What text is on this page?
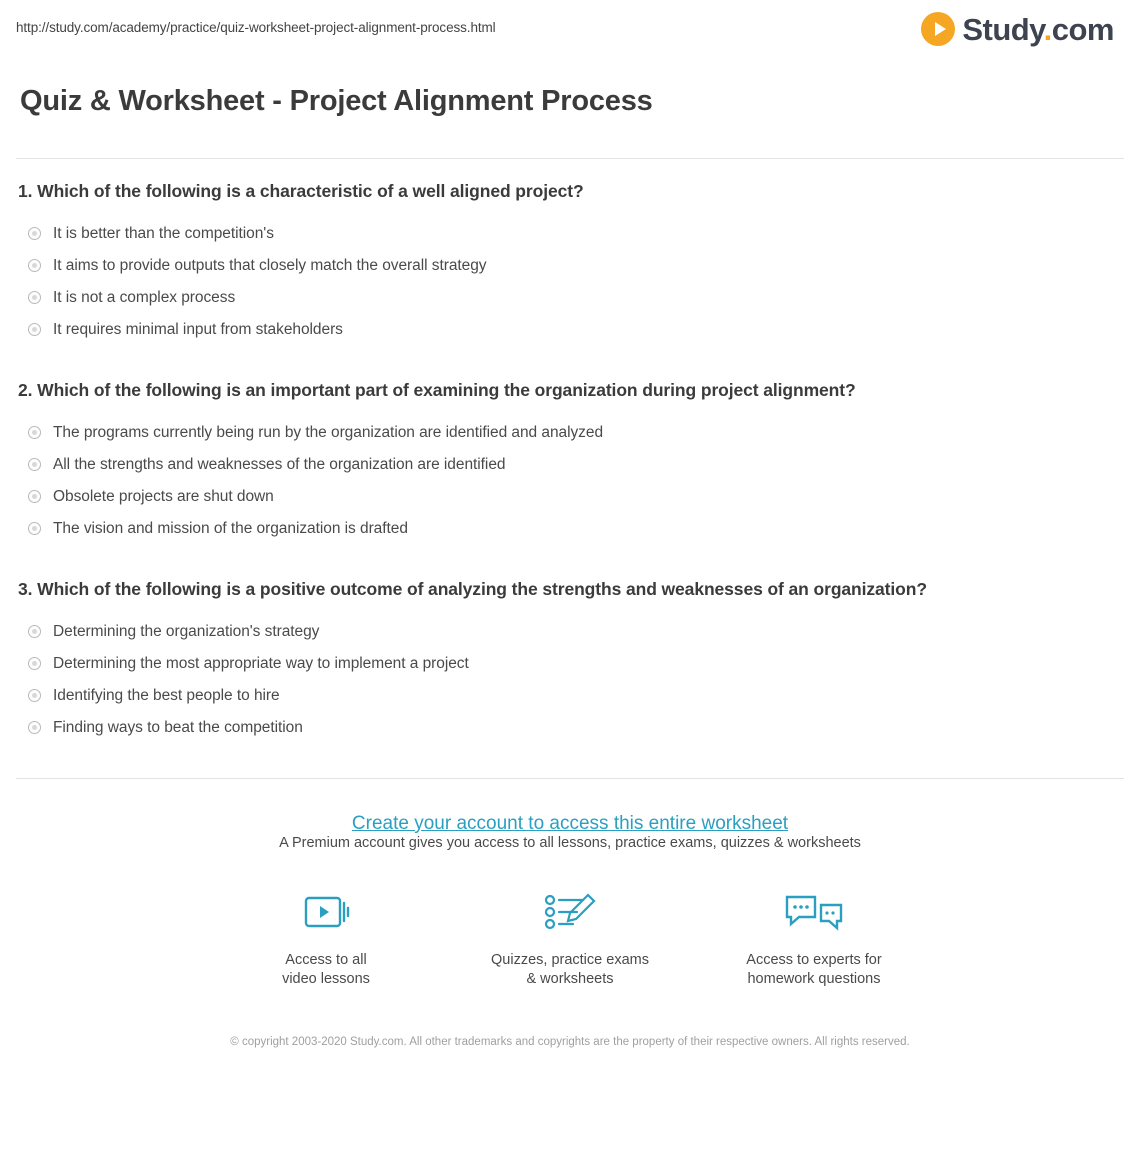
http://study.com/academy/practice/quiz-worksheet-project-alignment-process.html	Study.com
Quiz & Worksheet - Project Alignment Process

1. Which of the following is a characteristic of a well aligned project?

It is better than the competition's
It aims to provide outputs that closely match the overall strategy
It is not a complex process
It requires minimal input from stakeholders

2. Which of the following is an important part of examining the organization during project alignment?

The programs currently being run by the organization are identified and analyzed
All the strengths and weaknesses of the organization are identified
Obsolete projects are shut down
The vision and mission of the organization is drafted

3. Which of the following is a positive outcome of analyzing the strengths and weaknesses of an organization?

Determining the organization's strategy
Determining the most appropriate way to implement a project
Identifying the best people to hire
Finding ways to beat the competition
Create your account to access this entire worksheet
A Premium account gives you access to all lessons, practice exams, quizzes & worksheets
Access to all
video lessons
Quizzes, practice exams
& worksheets
Access to experts for
homework questions
© copyright 2003-2020 Study.com. All other trademarks and copyrights are the property of their respective owners. All rights reserved.
